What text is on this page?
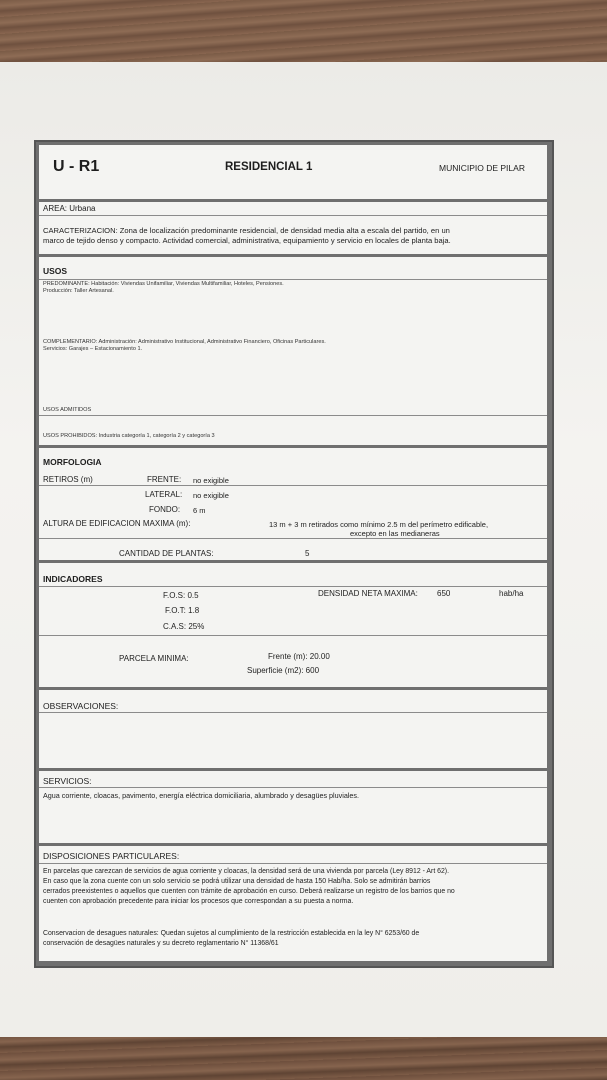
U - R1	RESIDENCIAL 1	MUNICIPIO DE PILAR
AREA: Urbana
CARACTERIZACION: Zona de localización predominante residencial, de densidad media alta a escala del partido, en un
marco de tejido denso y compacto. Actividad comercial, administrativa, equipamiento y servicio en locales de planta baja.
USOS
PREDOMINANTE: Habitación: Viviendas Unifamiliar, Viviendas Multifamiliar, Hoteles, Pensiones.
Producción: Taller Artesanal.
COMPLEMENTARIO: Administración: Administrativo Institucional, Administrativo Financiero, Oficinas Particulares.
Servicios: Garajes – Estacionamiento 1.
USOS ADMITIDOS
USOS PROHIBIDOS: Industria categoría 1, categoría 2 y categoría 3
MORFOLOGIA
RETIROS (m)	FRENTE: no exigible
LATERAL: no exigible
FONDO: 6 m
ALTURA DE EDIFICACION MAXIMA (m):	13 m + 3 m retirados como mínimo 2.5 m del perímetro edificable,
excepto en las medianeras
CANTIDAD DE PLANTAS:	5
INDICADORES
F.O.S: 0.5
F.O.T: 1.8
C.A.S: 25%
DENSIDAD NETA MAXIMA: 650	hab/ha
PARCELA MINIMA:	Frente (m): 20.00
Superficie (m2): 600
OBSERVACIONES:
SERVICIOS:
Agua corriente, cloacas, pavimento, energía eléctrica domiciliaria, alumbrado y desagües pluviales.
DISPOSICIONES PARTICULARES:
En parcelas que carezcan de servicios de agua corriente y cloacas, la densidad será de una vivienda por parcela (Ley 8912 - Art 62).
En caso que la zona cuente con un solo servicio se podrá utilizar una densidad de hasta 150 Hab/ha. Solo se admitirán barrios
cerrados preexistentes o aquellos que cuenten con trámite de aprobación en curso. Deberá realizarse un registro de los barrios que no
cuenten con aprobación precedente para iniciar los procesos que correspondan a su puesta a norma.
Conservacion de desagues naturales: Quedan sujetos al cumplimiento de la restricción establecida en la ley N° 6253/60 de
conservación de desagües naturales y su decreto reglamentario N° 11368/61
